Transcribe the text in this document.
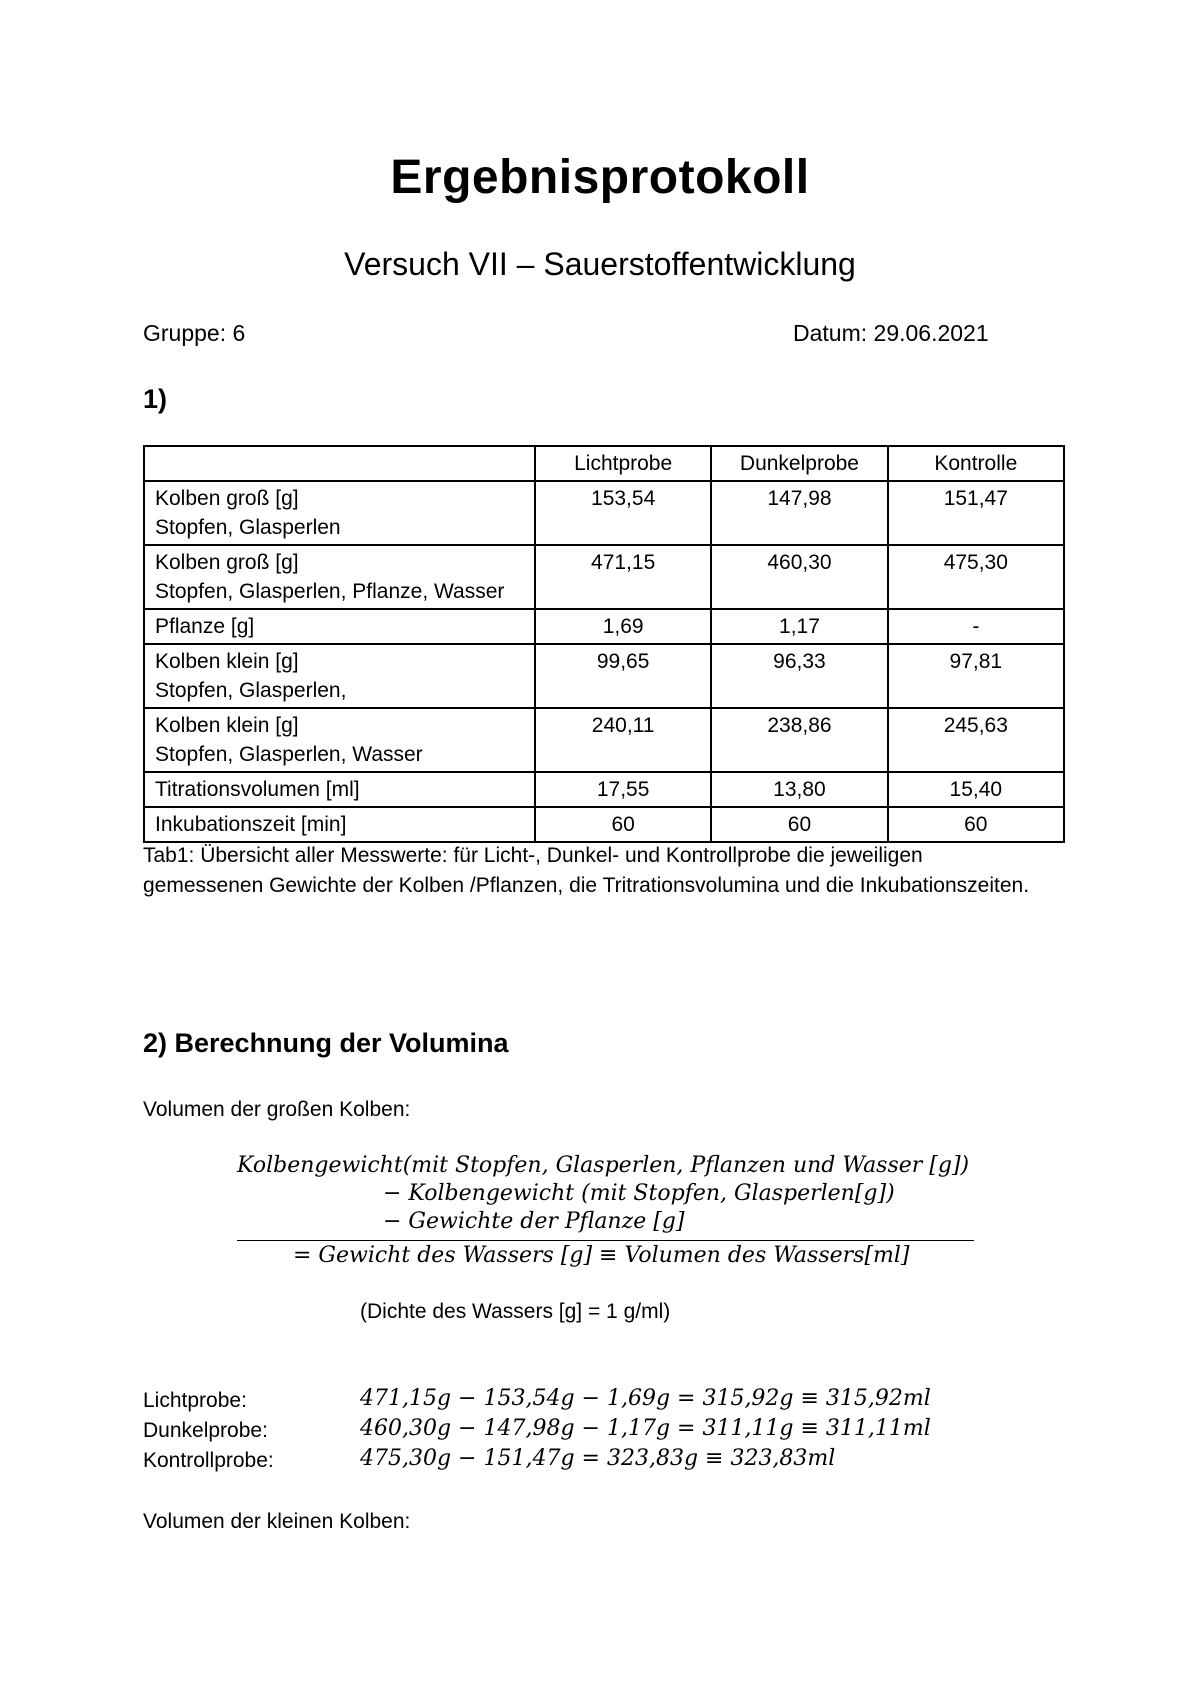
Ergebnisprotokoll
Versuch VII – Sauerstoffentwicklung
Gruppe: 6	Datum: 29.06.2021
1)
	Lichtprobe	Dunkelprobe	Kontrolle

Kolben groß [g]
Stopfen, Glasperlen	153,54	147,98	151,47

Kolben groß [g]
Stopfen, Glasperlen, Pflanze, Wasser	471,15	460,30	475,30

Pflanze [g]	1,69	1,17	-

Kolben klein [g]
Stopfen, Glasperlen,	99,65	96,33	97,81

Kolben klein [g]
Stopfen, Glasperlen, Wasser	240,11	238,86	245,63

Titrationsvolumen [ml]	17,55	13,80	15,40

Inkubationszeit [min]	60	60	60
Tab1: Übersicht aller Messwerte: für Licht-, Dunkel- und Kontrollprobe die jeweiligen gemessenen Gewichte der Kolben /Pflanzen, die Tritrationsvolumina und die Inkubationszeiten.
2) Berechnung der Volumina
Volumen der großen Kolben:
Kolbengewicht(mit Stopfen, Glasperlen, Pflanzen und Wasser [g])
− Kolbengewicht (mit Stopfen, Glasperlen[g])
− Gewichte der Pflanze [g]
= Gewicht des Wassers [g] ≡ Volumen des Wassers[ml]
(Dichte des Wassers [g] = 1 g/ml)
Lichtprobe:	471,15g − 153,54g − 1,69g = 315,92g ≡ 315,92ml
Dunkelprobe:	460,30g − 147,98g − 1,17g = 311,11g ≡ 311,11ml
Kontrollprobe:	475,30g − 151,47g = 323,83g ≡ 323,83ml
Volumen der kleinen Kolben:
